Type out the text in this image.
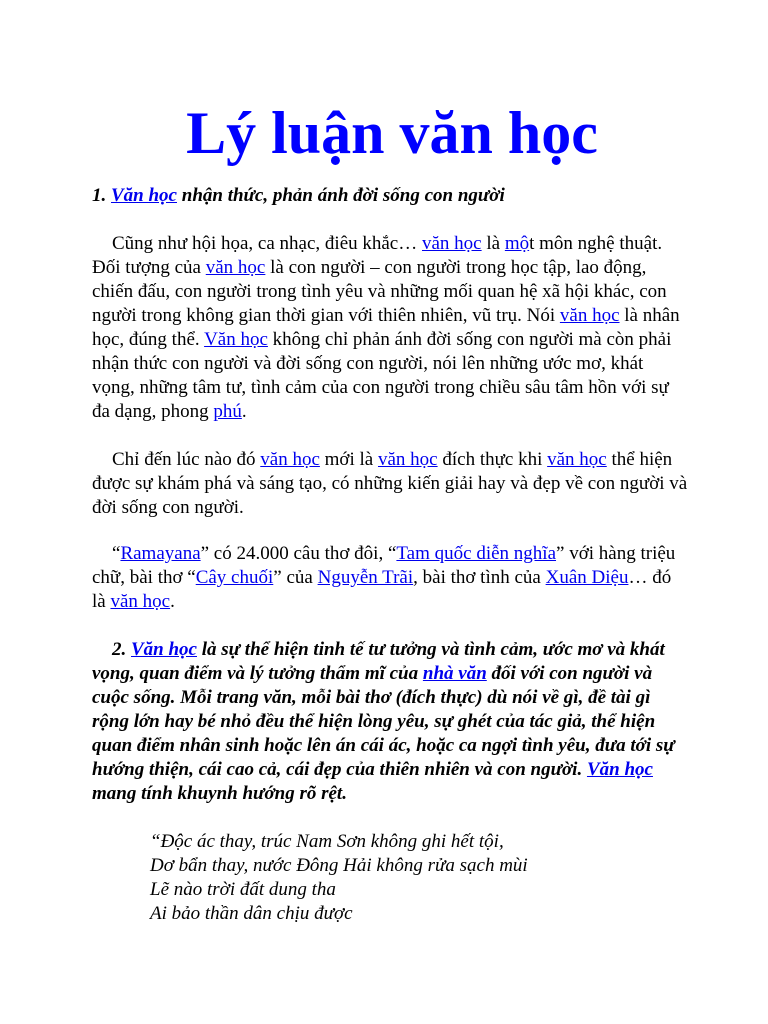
Lý luận văn học

1. Văn học nhận thức, phản ánh đời sống con người

Cũng như hội họa, ca nhạc, điêu khắc… văn học là một môn nghệ thuật.

Đối tượng của văn học là con người – con người trong học tập, lao động,

chiến đấu, con người trong tình yêu và những mối quan hệ xã hội khác, con

người trong không gian thời gian với thiên nhiên, vũ trụ. Nói văn học là nhân

học, đúng thể. Văn học không chỉ phản ánh đời sống con người mà còn phải

nhận thức con người và đời sống con người, nói lên những ước mơ, khát

vọng, những tâm tư, tình cảm của con người trong chiều sâu tâm hồn với sự

đa dạng, phong phú.

Chỉ đến lúc nào đó văn học mới là văn học đích thực khi văn học thể hiện

được sự khám phá và sáng tạo, có những kiến giải hay và đẹp về con người và

đời sống con người.

“Ramayana” có 24.000 câu thơ đôi, “Tam quốc diễn nghĩa” với hàng triệu

chữ, bài thơ “Cây chuối” của Nguyễn Trãi, bài thơ tình của Xuân Diệu… đó

là văn học.

2. Văn học là sự thể hiện tinh tế tư tưởng và tình cảm, ước mơ và khát

vọng, quan điểm và lý tưởng thẩm mĩ của nhà văn đối với con người và

cuộc sống. Mỗi trang văn, mỗi bài thơ (đích thực) dù nói về gì, đề tài gì

rộng lớn hay bé nhỏ đều thể hiện lòng yêu, sự ghét của tác giả, thể hiện

quan điểm nhân sinh hoặc lên án cái ác, hoặc ca ngợi tình yêu, đưa tới sự

hướng thiện, cái cao cả, cái đẹp của thiên nhiên và con người. Văn học

mang tính khuynh hướng rõ rệt.

“Độc ác thay, trúc Nam Sơn không ghi hết tội,

Dơ bẩn thay, nước Đông Hải không rửa sạch mùi

Lẽ nào trời đất dung tha

Ai bảo thần dân chịu được
